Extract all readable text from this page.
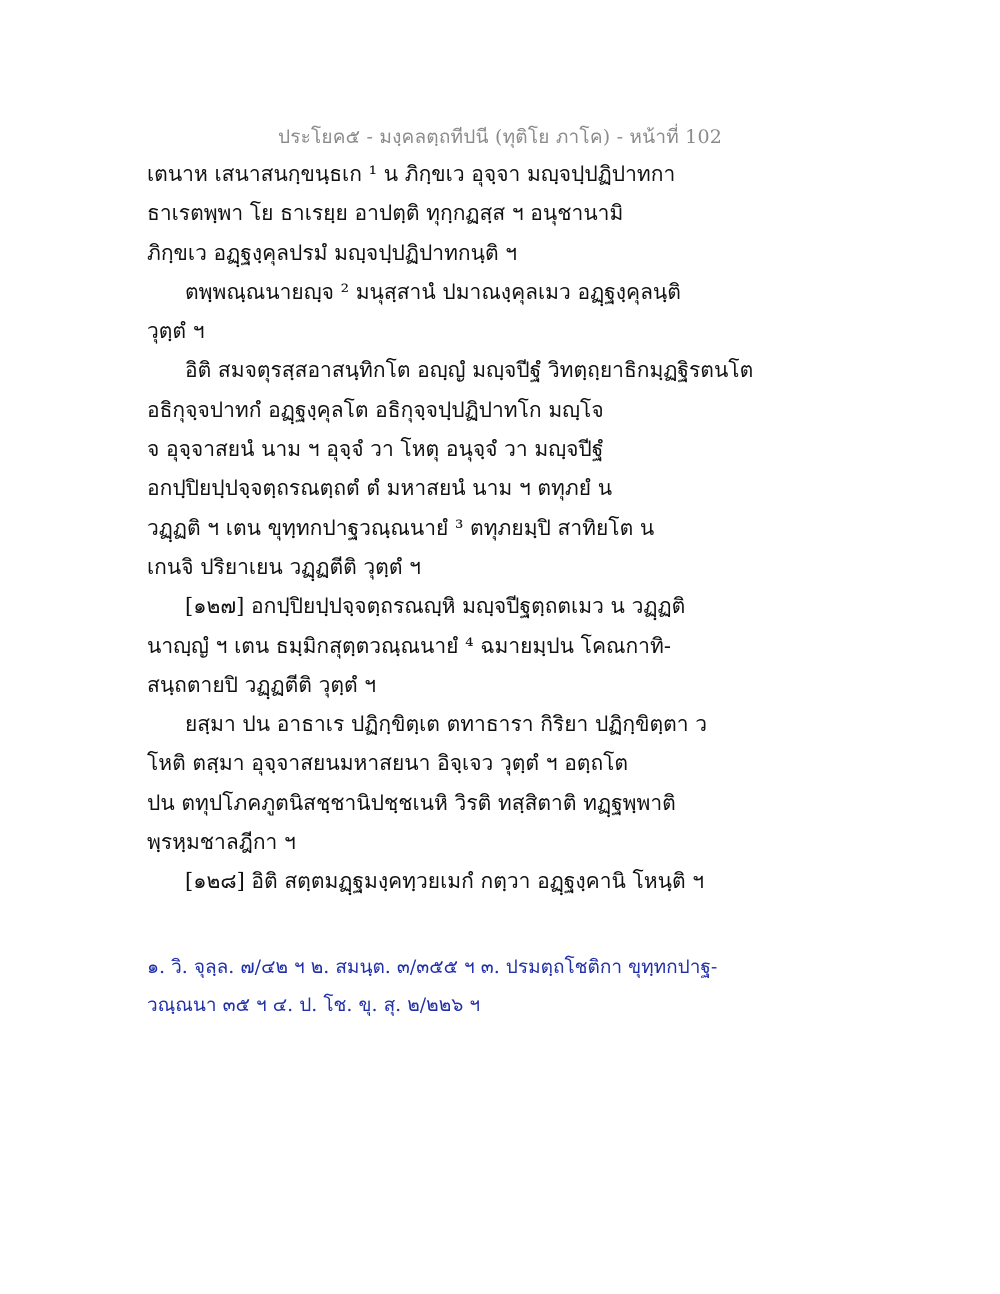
ประโยค๕ - มงฺคลตฺถทีปนี (ทุติโย ภาโค) - หน้าที่ 102
เตนาห เสนาสนกฺขนฺธเก ¹ น ภิกฺขเว อุจฺจา มญฺจปฺปฏิปาทกา
ธาเรตพฺพา โย ธาเรยฺย อาปตฺติ ทุกฺกฏสฺส ฯ อนุชานามิ
ภิกฺขเว อฏฺฐงฺคุลปรมํ มญฺจปฺปฏิปาทกนฺติ ฯ
ตพฺพณฺณนายญฺจ ² มนุสฺสานํ ปมาณงฺคุลเมว อฏฺฐงฺคุลนฺติ
วุตฺตํ ฯ
อิติ สมจตุรสฺสอาสนฺทิกโต อญฺญํ มญฺจปีฐํ วิทตฺถฺยาธิกมฺฏฐิรตนโต
อธิกุจฺจปาทกํ อฏฺฐงฺคุลโต อธิกุจฺจปฺปฏิปาทโก มญฺโจ
จ อุจฺจาสยนํ นาม ฯ อุจฺจํ วา โหตุ อนุจฺจํ วา มญฺจปีฐํ
อกปฺปิยปฺปจฺจตฺถรณตฺถตํ ตํ มหาสยนํ นาม ฯ ตทุภยํ น
วฏฺฏติ ฯ เตน ขุทฺทกปาฐวณฺณนายํ ³ ตทุภยมฺปิ สาทิยโต น
เกนจิ ปริยาเยน วฏฺฏตีติ วุตฺตํ ฯ
[๑๒๗] อกปฺปิยปฺปจฺจตฺถรณญฺหิ มญฺจปีฐตฺถตเมว น วฏฺฏติ
นาญฺญํ ฯ เตน ธมฺมิกสุตฺตวณฺณนายํ ⁴ ฉมายมฺปน โคณกาทิ-
สนฺถตายปิ วฏฺฏตีติ วุตฺตํ ฯ
ยสฺมา ปน อาธาเร ปฏิกฺขิตฺเต ตทาธารา กิริยา ปฏิกฺขิตฺตา ว
โหติ ตสฺมา อุจฺจาสยนมหาสยนา อิจฺเจว วุตฺตํ ฯ อตฺถโต
ปน ตทุปโภคภูตนิสชฺชานิปชฺชเนหิ วิรติ ทสฺสิตาติ ทฏฺฐพฺพาติ
พฺรหฺมชาลฎีกา ฯ
[๑๒๘] อิติ สตฺตมฏฺฐมงฺคทฺวยเมกํ กตฺวา อฏฺฐงฺคานิ โหนฺติ ฯ
๑. วิ. จุลฺล. ๗/๔๒ ฯ ๒. สมนฺต. ๓/๓๕๕ ฯ ๓. ปรมตฺถโชติกา ขุทฺทกปาฐ-
วณฺณนา ๓๕ ฯ ๔. ป. โช. ขุ. สุ. ๒/๒๒๖ ฯ
